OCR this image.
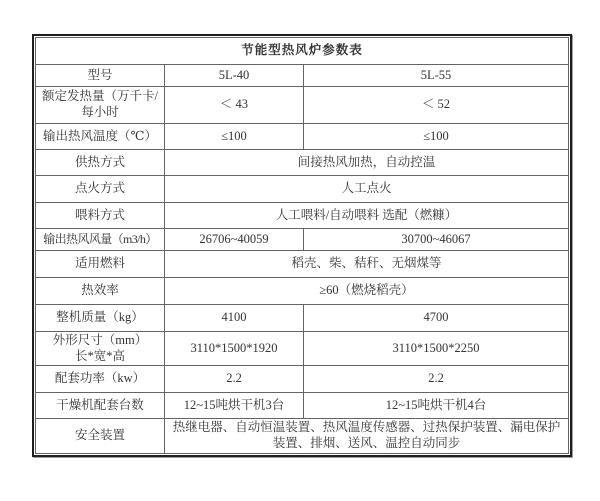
节能型热风炉参数表		
型号	5L-40	5L-55

额定发热量（万千卡/
每小时	＜ 43	＜ 52
输出热风温度（℃）	≤100	≤100
供热方式	间接热风加热，自动控温	
点火方式	人工点火	
喂料方式	人工喂料/自动喂料 选配（燃糠）	
输出热风风量（m3/h）	26706~40059	30700~46067
适用燃料	稻壳、柴、秸秆、无烟煤等	
热效率	≥60（燃烧稻壳）	
整机质量（kg）	4100	4700

外形尺寸（mm）
长*宽*高	3110*1500*1920	3110*1500*2250
配套功率（kw）	2.2	2.2
干燥机配套台数	12~15吨烘干机3台	12~15吨烘干机4台
安全装置	热继电器、自动恒温装置、热风温度传感器、过热保护装置、漏电保护装置、排烟、送风、温控自动同步	
